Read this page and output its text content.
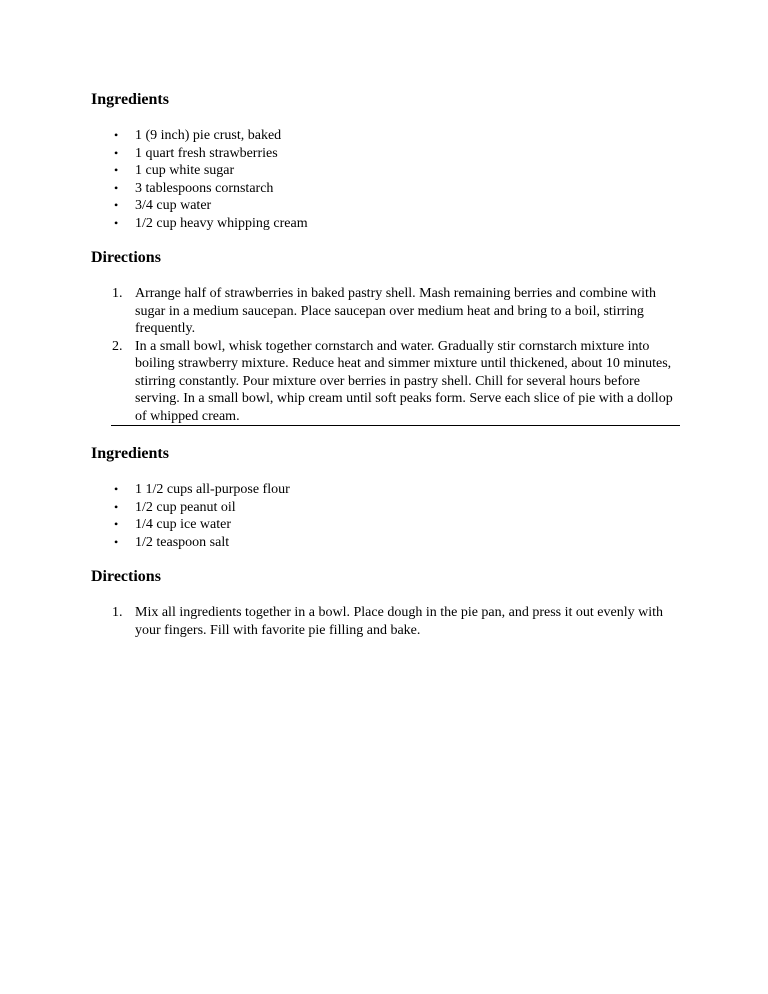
Ingredients
• 1 (9 inch) pie crust, baked
• 1 quart fresh strawberries
• 1 cup white sugar
• 3 tablespoons cornstarch
• 3/4 cup water
• 1/2 cup heavy whipping cream
Directions
1. Arrange half of strawberries in baked pastry shell. Mash remaining berries and combine with sugar in a medium saucepan. Place saucepan over medium heat and bring to a boil, stirring frequently.
2. In a small bowl, whisk together cornstarch and water. Gradually stir cornstarch mixture into boiling strawberry mixture. Reduce heat and simmer mixture until thickened, about 10 minutes, stirring constantly. Pour mixture over berries in pastry shell. Chill for several hours before serving. In a small bowl, whip cream until soft peaks form. Serve each slice of pie with a dollop of whipped cream.
Ingredients
• 1 1/2 cups all-purpose flour
• 1/2 cup peanut oil
• 1/4 cup ice water
• 1/2 teaspoon salt
Directions
1. Mix all ingredients together in a bowl. Place dough in the pie pan, and press it out evenly with your fingers. Fill with favorite pie filling and bake.
